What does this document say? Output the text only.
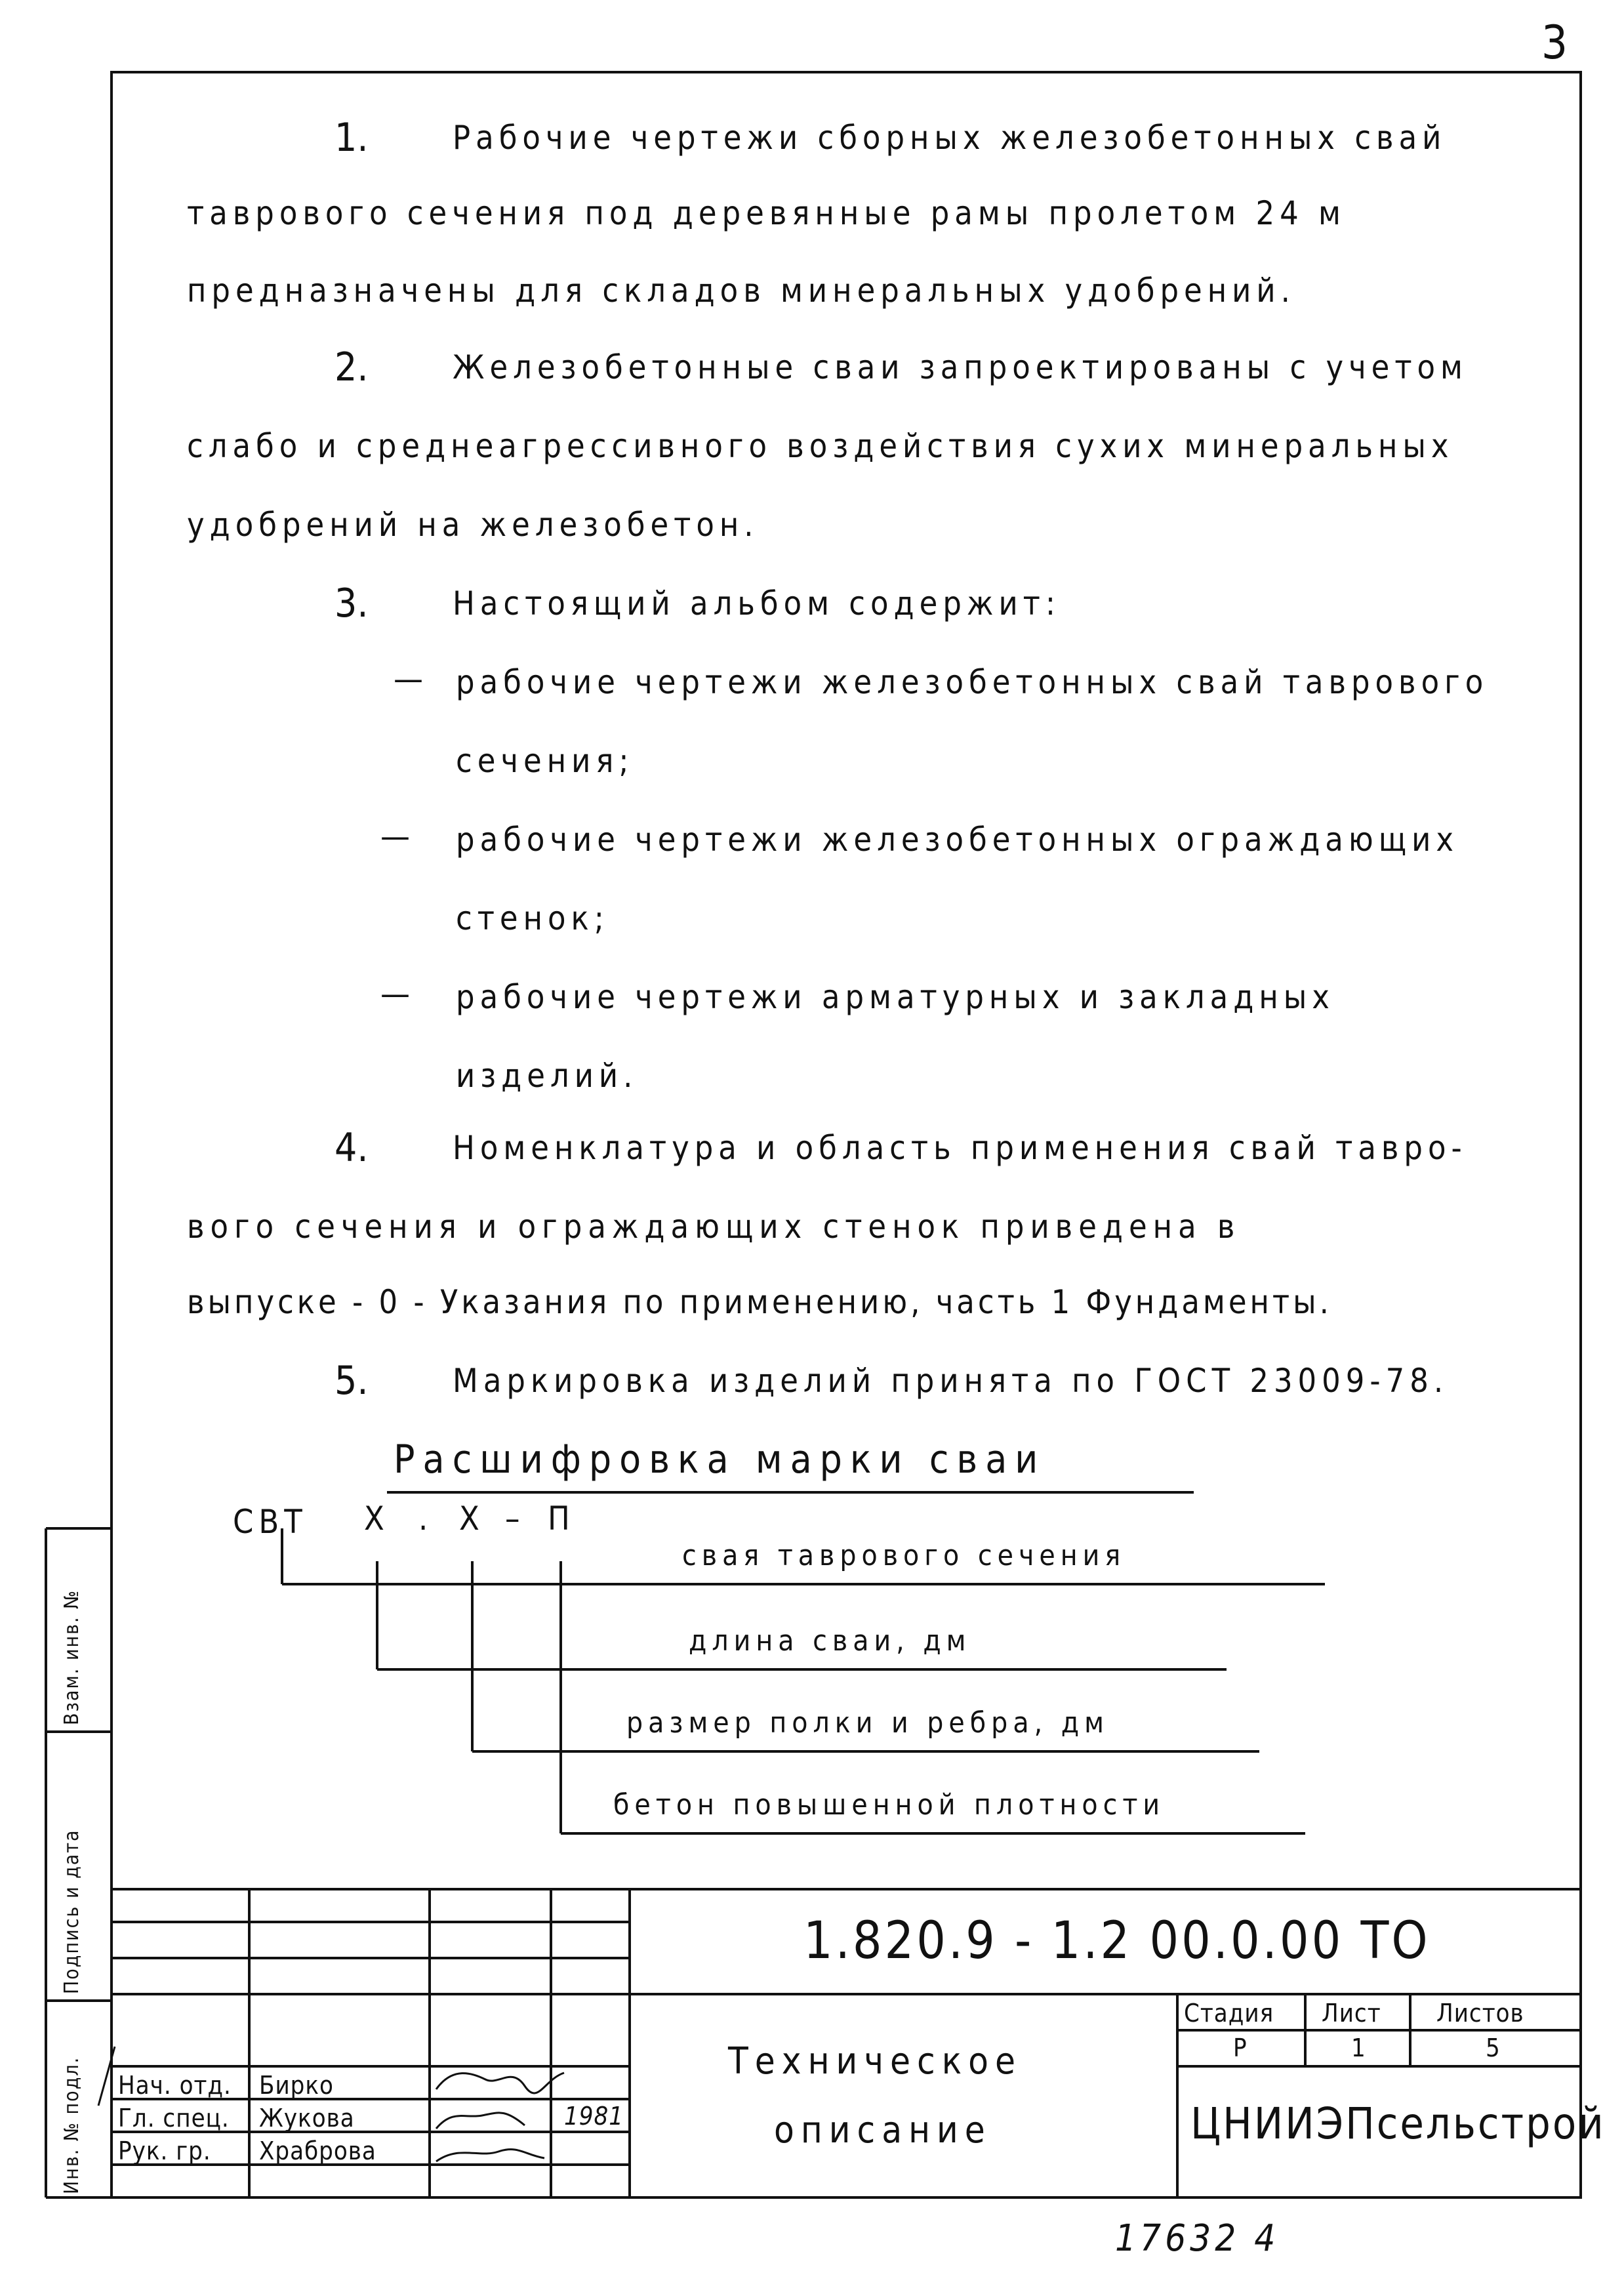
3
1.	Рабочие чертежи сборных железобетонных свай
таврового сечения под деревянные рамы пролетом 24 м
предназначены для складов минеральных удобрений.
2.	Железобетонные сваи запроектированы с учетом
слабо и среднеагрессивного воздействия сухих минеральных
удобрений на железобетон.
3.	Настоящий альбом содержит:
— рабочие чертежи железобетонных свай таврового
сечения;
— рабочие чертежи железобетонных ограждающих
стенок;
— рабочие чертежи арматурных и закладных
изделий.
4.	Номенклатура и область применения свай тавро-
вого сечения и ограждающих стенок приведена в
выпуске - 0 - Указания по применению, часть 1 Фундаменты.
5.	Маркировка изделий принята по ГОСТ 23009-78.
Расшифровка марки сваи
СВТ Х . Х – П
свая таврового сечения
длина сваи, дм
размер полки и ребра, дм
бетон повышенной плотности
Взам. инв. №
Подпись и дата
Инв. № подл.
1.820.9 - 1.2 00.0.00 ТО
Техническое
описание
Стадия Лист Листов
Р	1	5
ЦНИИЭПсельстрой
Нач. отд. Бирко
Гл. спец. Жукова
Рук. гр. Храброва
1981
17632 4
